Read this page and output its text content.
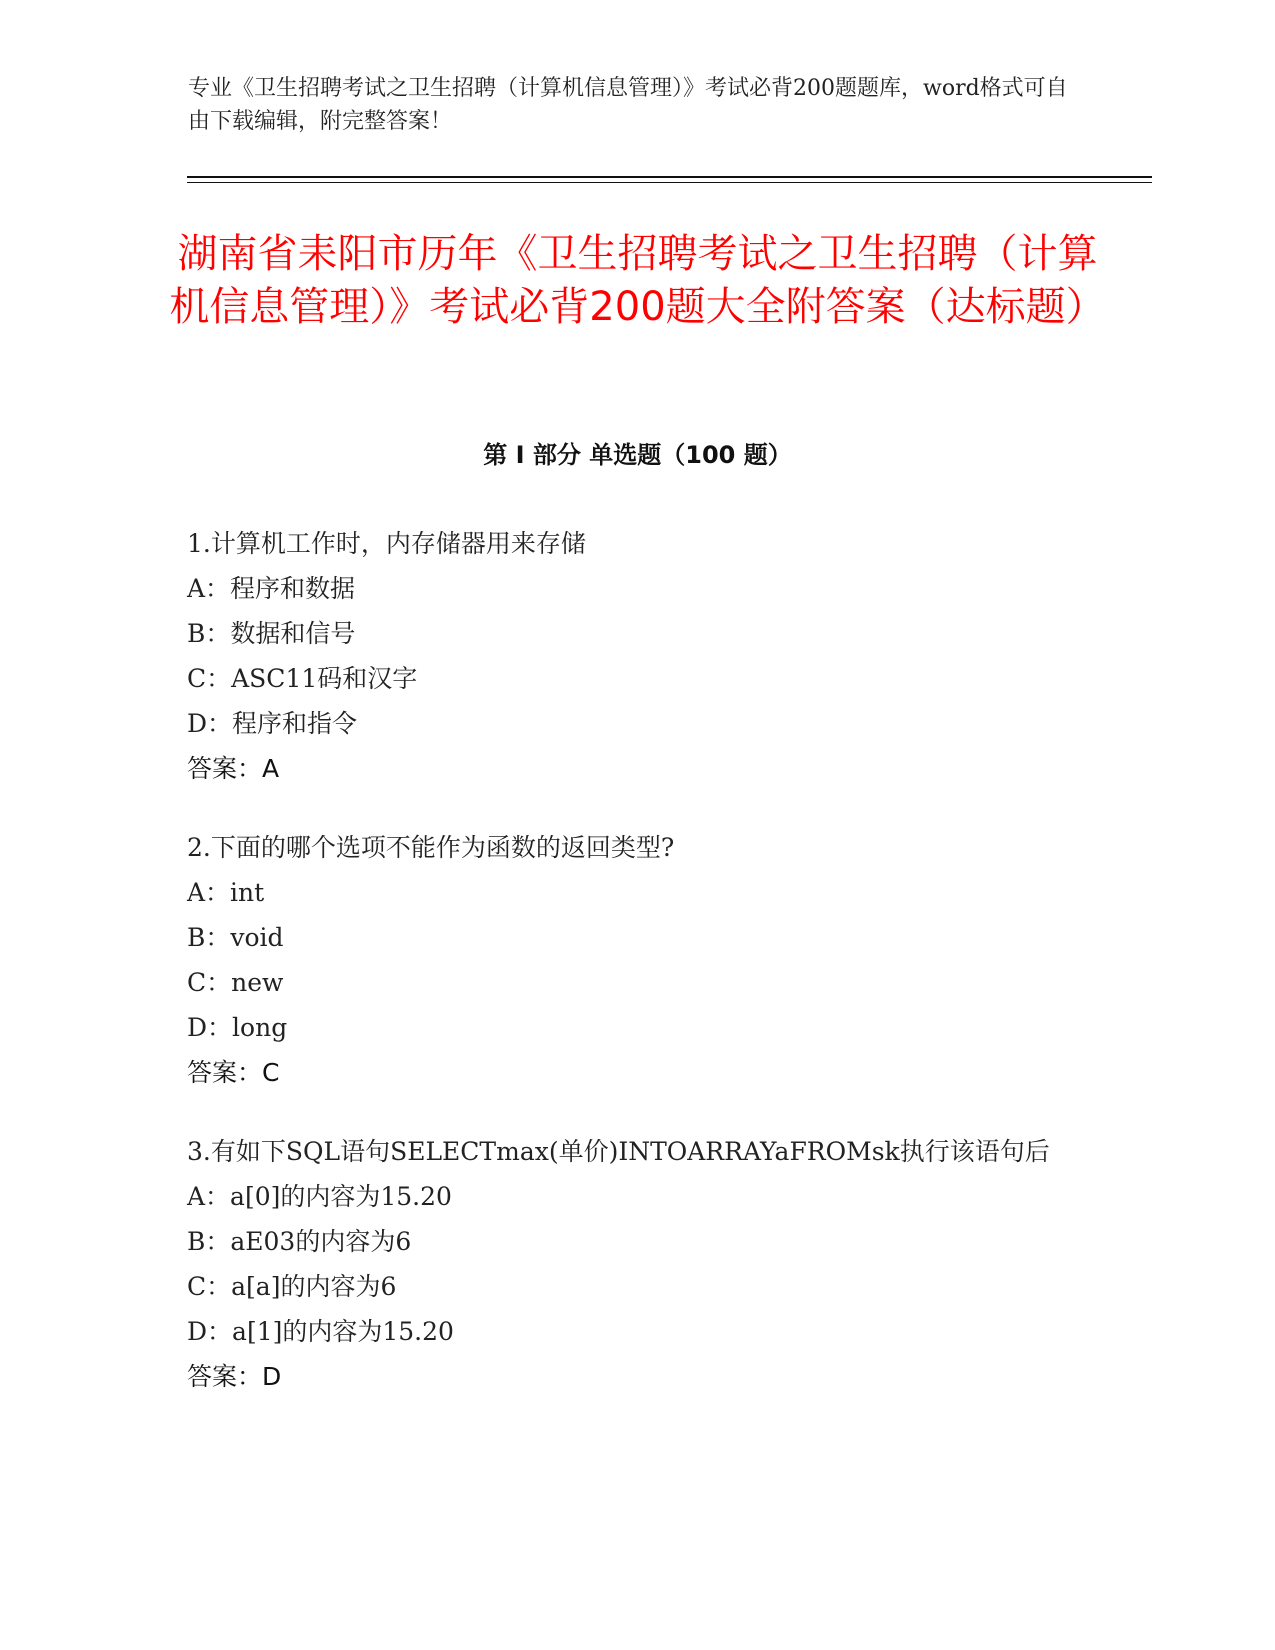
专业《卫生招聘考试之卫生招聘（计算机信息管理）》考试必背200题题库，word格式可自由下载编辑，附完整答案！
湖南省耒阳市历年《卫生招聘考试之卫生招聘（计算机信息管理）》考试必背200题大全附答案（达标题）
第 I 部分 单选题（100 题）
1.计算机工作时，内存储器用来存储
A：程序和数据
B：数据和信号
C：ASC11码和汉字
D：程序和指令
答案：A
2.下面的哪个选项不能作为函数的返回类型?
A：int
B：void
C：new
D：long
答案：C
3.有如下SQL语句SELECTmax(单价)INTOARRAYaFROMsk执行该语句后
A：a[0]的内容为15.20
B：aE03的内容为6
C：a[a]的内容为6
D：a[1]的内容为15.20
答案：D
